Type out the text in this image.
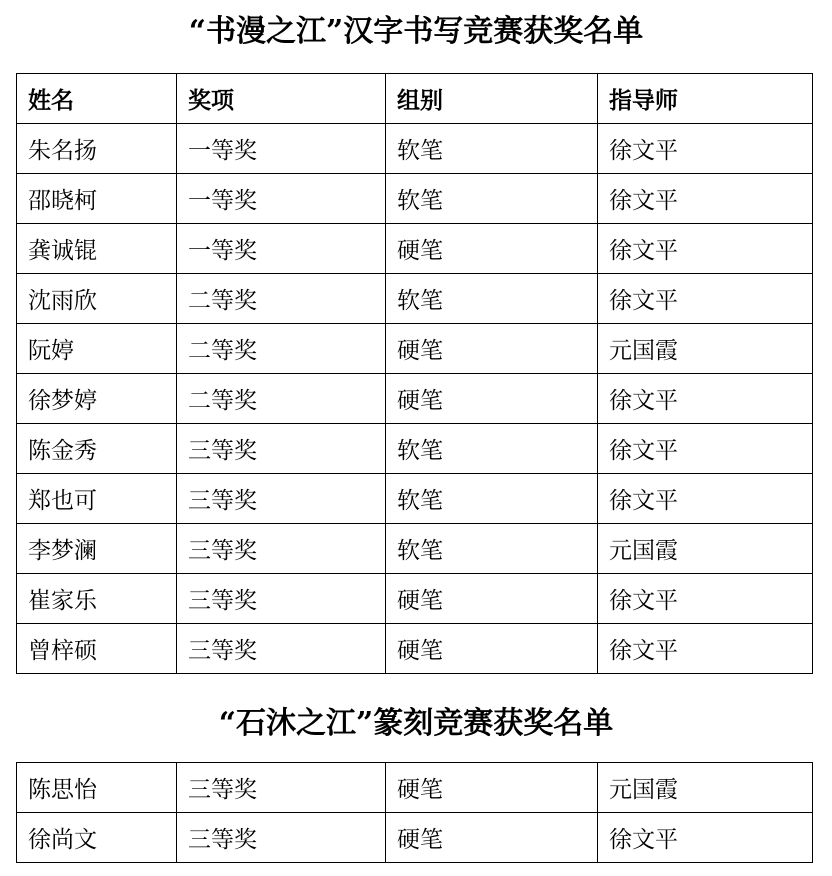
“书漫之江”汉字书写竞赛获奖名单
姓名	奖项	组别	指导师
朱名扬	一等奖	软笔	徐文平
邵晓柯	一等奖	软笔	徐文平
龚诚锟	一等奖	硬笔	徐文平
沈雨欣	二等奖	软笔	徐文平
阮婷	二等奖	硬笔	元国霞
徐梦婷	二等奖	硬笔	徐文平
陈金秀	三等奖	软笔	徐文平
郑也可	三等奖	软笔	徐文平
李梦澜	三等奖	软笔	元国霞
崔家乐	三等奖	硬笔	徐文平
曾梓硕	三等奖	硬笔	徐文平
“石沐之江”篆刻竞赛获奖名单
陈思怡	三等奖	硬笔	元国霞
徐尚文	三等奖	硬笔	徐文平
